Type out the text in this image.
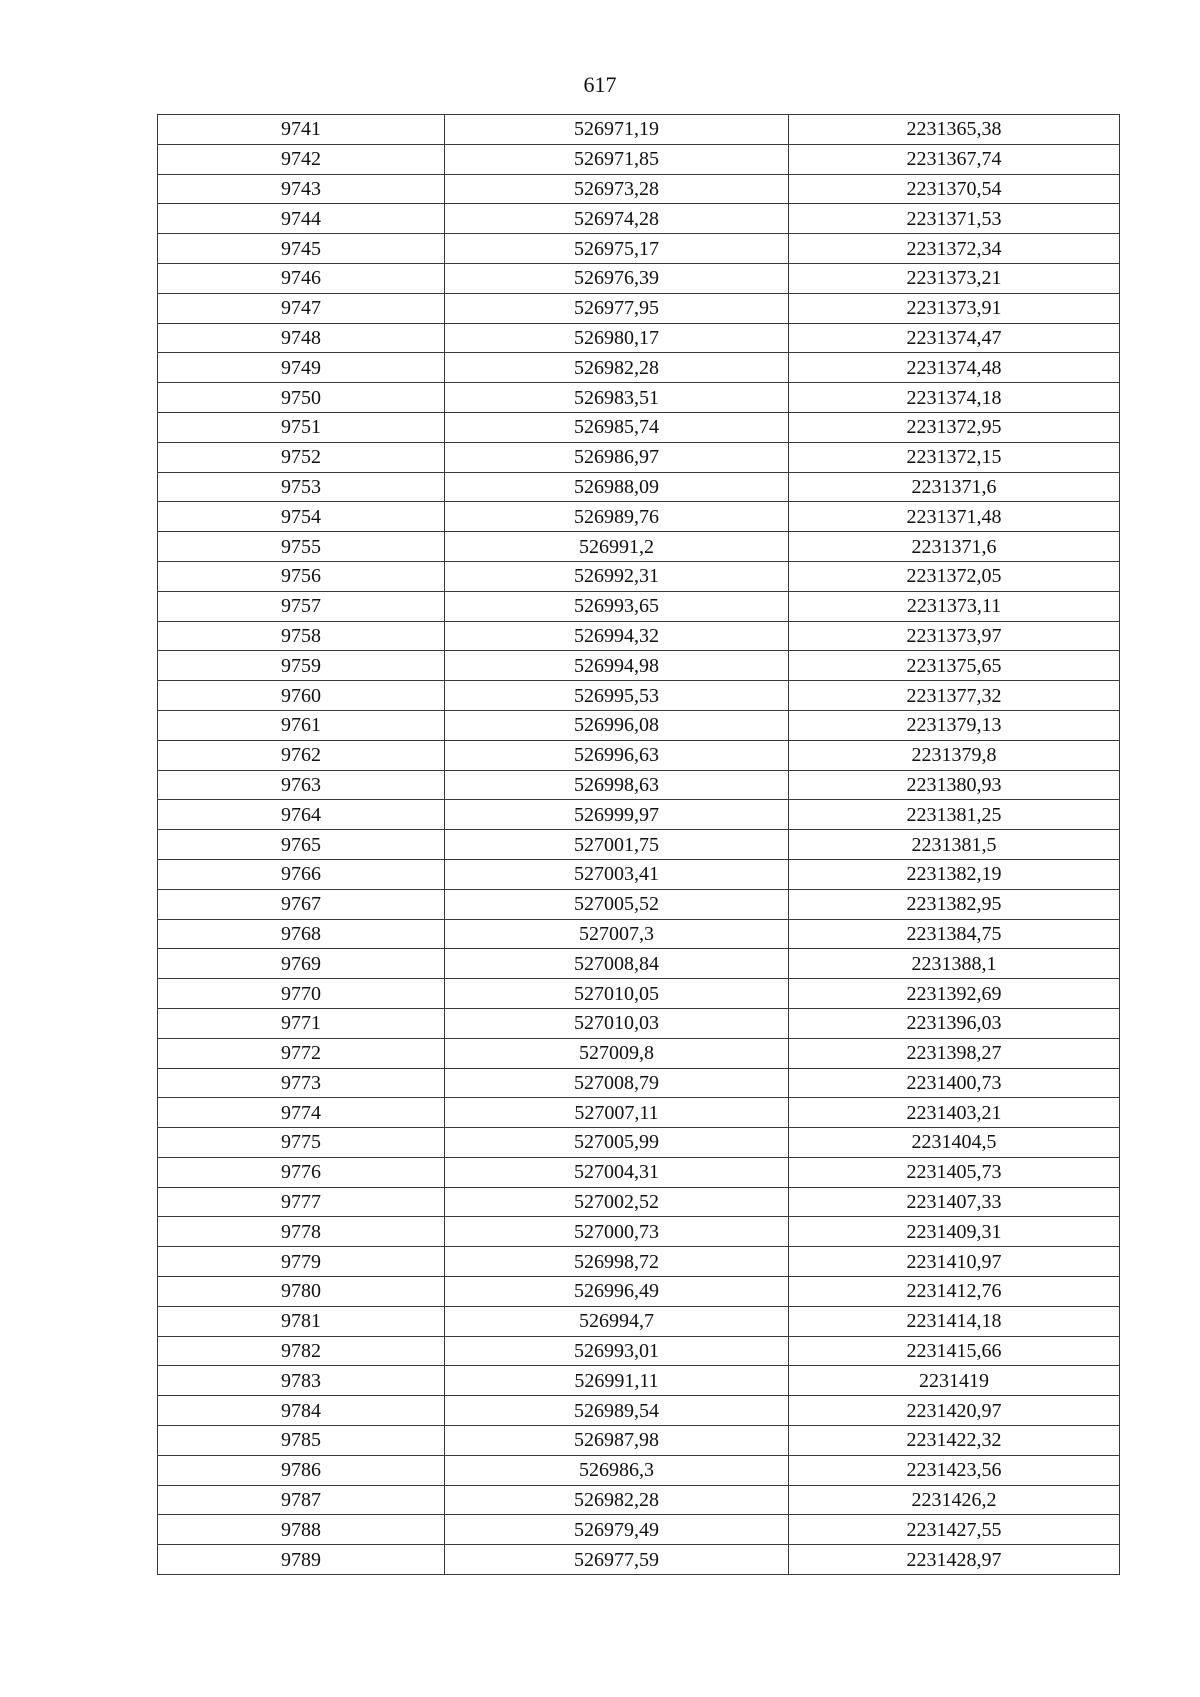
617
9741	526971,19	2231365,38
9742	526971,85	2231367,74
9743	526973,28	2231370,54
9744	526974,28	2231371,53
9745	526975,17	2231372,34
9746	526976,39	2231373,21
9747	526977,95	2231373,91
9748	526980,17	2231374,47
9749	526982,28	2231374,48
9750	526983,51	2231374,18
9751	526985,74	2231372,95
9752	526986,97	2231372,15
9753	526988,09	2231371,6
9754	526989,76	2231371,48
9755	526991,2	2231371,6
9756	526992,31	2231372,05
9757	526993,65	2231373,11
9758	526994,32	2231373,97
9759	526994,98	2231375,65
9760	526995,53	2231377,32
9761	526996,08	2231379,13
9762	526996,63	2231379,8
9763	526998,63	2231380,93
9764	526999,97	2231381,25
9765	527001,75	2231381,5
9766	527003,41	2231382,19
9767	527005,52	2231382,95
9768	527007,3	2231384,75
9769	527008,84	2231388,1
9770	527010,05	2231392,69
9771	527010,03	2231396,03
9772	527009,8	2231398,27
9773	527008,79	2231400,73
9774	527007,11	2231403,21
9775	527005,99	2231404,5
9776	527004,31	2231405,73
9777	527002,52	2231407,33
9778	527000,73	2231409,31
9779	526998,72	2231410,97
9780	526996,49	2231412,76
9781	526994,7	2231414,18
9782	526993,01	2231415,66
9783	526991,11	2231419
9784	526989,54	2231420,97
9785	526987,98	2231422,32
9786	526986,3	2231423,56
9787	526982,28	2231426,2
9788	526979,49	2231427,55
9789	526977,59	2231428,97
